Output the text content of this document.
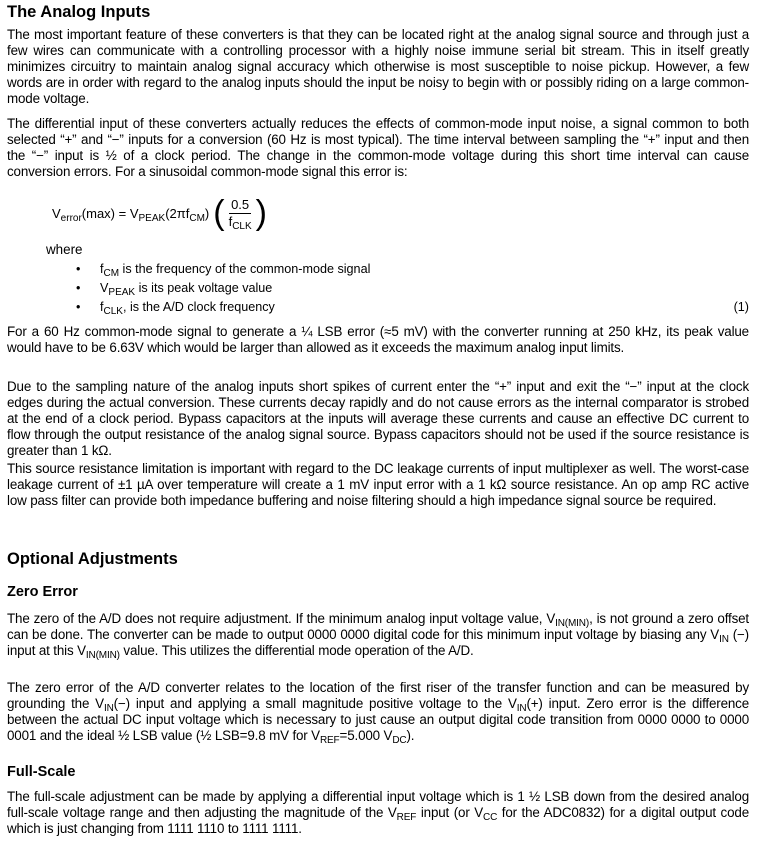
The Analog Inputs
The most important feature of these converters is that they can be located right at the analog signal source and through just a few wires can communicate with a controlling processor with a highly noise immune serial bit stream. This in itself greatly minimizes circuitry to maintain analog signal accuracy which otherwise is most susceptible to noise pickup. However, a few words are in order with regard to the analog inputs should the input be noisy to begin with or possibly riding on a large common-mode voltage.
The differential input of these converters actually reduces the effects of common-mode input noise, a signal common to both selected “+” and “−” inputs for a conversion (60 Hz is most typical). The time interval between sampling the “+” input and then the “−” input is ½ of a clock period. The change in the common-mode voltage during this short time interval can cause conversion errors. For a sinusoidal common-mode signal this error is:
$V_{error}(\max)$ =
$V_{PEAK}(2\pi f_{CM})$ ( $\frac{0.5}{f_{CLK}}$ )
where
•	$f_{CM}$ is the frequency of the common-mode signal
•	$V_{PEAK}$ is its peak voltage value
•	$f_{CLK}$, is the A/D clock frequency	(1)
For a 60 Hz common-mode signal to generate a ¼ LSB error (≈5 mV) with the converter running at 250 kHz, its peak value would have to be 6.63V which would be larger than allowed as it exceeds the maximum analog input limits.
Due to the sampling nature of the analog inputs short spikes of current enter the “+” input and exit the “−” input at the clock edges during the actual conversion. These currents decay rapidly and do not cause errors as the internal comparator is strobed at the end of a clock period. Bypass capacitors at the inputs will average these currents and cause an effective DC current to flow through the output resistance of the analog signal source. Bypass capacitors should not be used if the source resistance is greater than 1 kΩ.
This source resistance limitation is important with regard to the DC leakage currents of input multiplexer as well. The worst-case leakage current of ±1 µA over temperature will create a 1 mV input error with a 1 kΩ source resistance. An op amp RC active low pass filter can provide both impedance buffering and noise filtering should a high impedance signal source be required.
Optional Adjustments
Zero Error
The zero of the A/D does not require adjustment. If the minimum analog input voltage value, $V_{IN(MIN)}$, is not ground a zero offset can be done. The converter can be made to output 0000 0000 digital code for this minimum input voltage by biasing any $V_{IN}$ (−) input at this $V_{IN(MIN)}$ value. This utilizes the differential mode operation of the A/D.
The zero error of the A/D converter relates to the location of the first riser of the transfer function and can be measured by grounding the $V_{IN}(-)$ input and applying a small magnitude positive voltage to the $V_{IN}(+)$ input. Zero error is the difference between the actual DC input voltage which is necessary to just cause an output digital code transition from 0000 0000 to 0000 0001 and the ideal ½ LSB value (½ LSB=9.8 mV for $V_{REF}=5.000$ $V_{DC}$).
Full-Scale
The full-scale adjustment can be made by applying a differential input voltage which is 1 ½ LSB down from the desired analog full-scale voltage range and then adjusting the magnitude of the $V_{REF}$ input (or $V_{CC}$ for the ADC0832) for a digital output code which is just changing from 1111 1110 to 1111 1111.
